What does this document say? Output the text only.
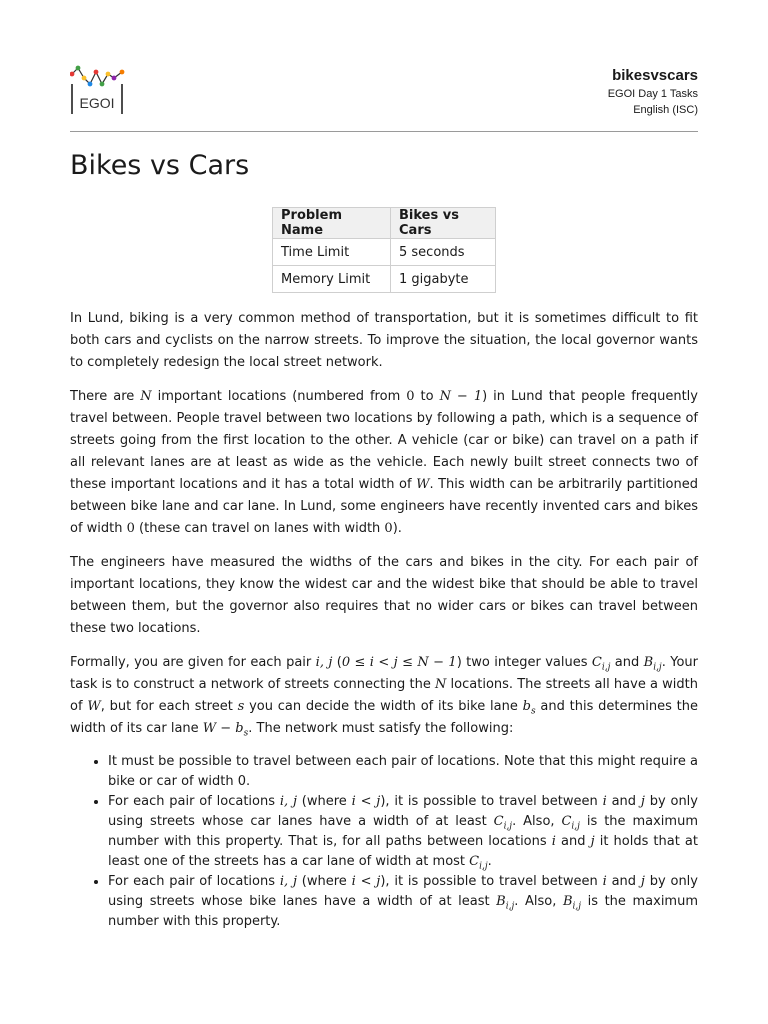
EGOI
bikesvscars
EGOI Day 1 Tasks
English (ISC)
Bikes vs Cars
Problem Name	Bikes vs Cars
Time Limit	5 seconds
Memory Limit	1 gigabyte

In Lund, biking is a very common method of transportation, but it is sometimes difficult to fit both cars and cyclists on the narrow streets. To improve the situation, the local governor wants to completely redesign the local street network.

There are N important locations (numbered from 0 to N − 1) in Lund that people frequently travel between. People travel between two locations by following a path, which is a sequence of streets going from the first location to the other. A vehicle (car or bike) can travel on a path if all relevant lanes are at least as wide as the vehicle. Each newly built street connects two of these important locations and it has a total width of W. This width can be arbitrarily partitioned between bike lane and car lane. In Lund, some engineers have recently invented cars and bikes of width 0 (these can travel on lanes with width 0).

The engineers have measured the widths of the cars and bikes in the city. For each pair of important locations, they know the widest car and the widest bike that should be able to travel between them, but the governor also requires that no wider cars or bikes can travel between these two locations.

Formally, you are given for each pair i, j (0 ≤ i < j ≤ N − 1) two integer values $C_{i,j}$ and $B_{i,j}$. Your task is to construct a network of streets connecting the N locations. The streets all have a width of W, but for each street s you can decide the width of its bike lane $b_s$ and this determines the width of its car lane $W - b_s$. The network must satisfy the following:

• It must be possible to travel between each pair of locations. Note that this might require a bike or car of width 0.
• For each pair of locations i, j (where i < j), it is possible to travel between i and j by only using streets whose car lanes have a width of at least $C_{i,j}$. Also, $C_{i,j}$ is the maximum number with this property. That is, for all paths between locations i and j it holds that at least one of the streets has a car lane of width at most $C_{i,j}$.
• For each pair of locations i, j (where i < j), it is possible to travel between i and j by only using streets whose bike lanes have a width of at least $B_{i,j}$. Also, $B_{i,j}$ is the maximum number with this property.
